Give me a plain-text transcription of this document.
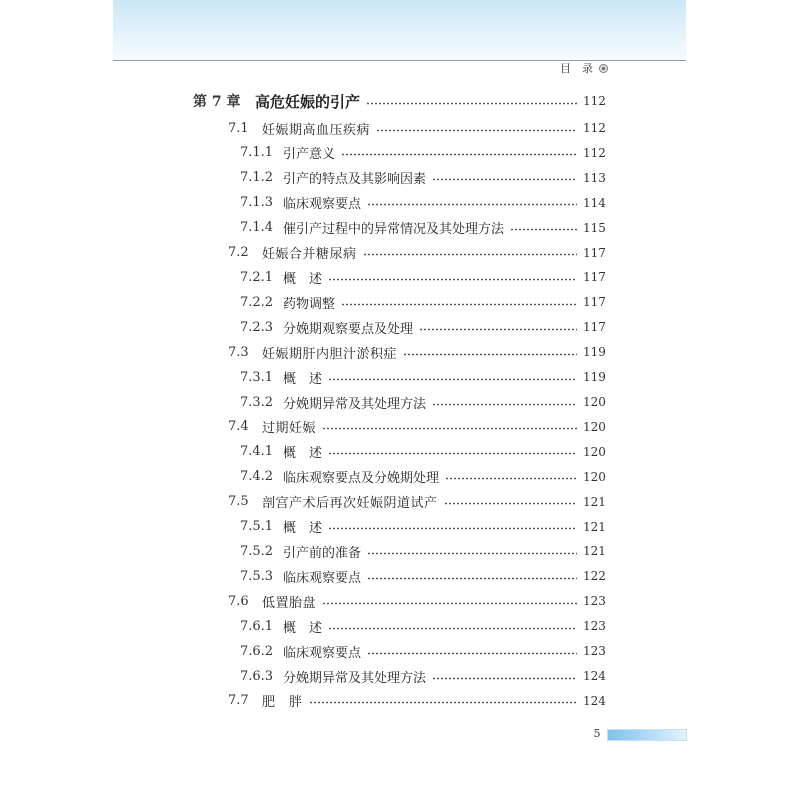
目　录
第 7 章 高危妊娠的引产	112
7.1	妊娠期高血压疾病	112
7.1.1 引产意义	112
7.1.2 引产的特点及其影响因素	113
7.1.3 临床观察要点	114
7.1.4 催引产过程中的异常情况及其处理方法	115
7.2	妊娠合并糖尿病	117
7.2.1 概　述	117
7.2.2 药物调整	117
7.2.3 分娩期观察要点及处理	117
7.3	妊娠期肝内胆汁淤积症	119
7.3.1 概　述	119
7.3.2 分娩期异常及其处理方法	120
7.4	过期妊娠	120
7.4.1 概　述	120
7.4.2 临床观察要点及分娩期处理	120
7.5	剖宫产术后再次妊娠阴道试产	121
7.5.1 概　述	121
7.5.2 引产前的准备	121
7.5.3 临床观察要点	122
7.6	低置胎盘	123
7.6.1 概　述	123
7.6.2 临床观察要点	123
7.6.3 分娩期异常及其处理方法	124
7.7	肥　胖	124
5
